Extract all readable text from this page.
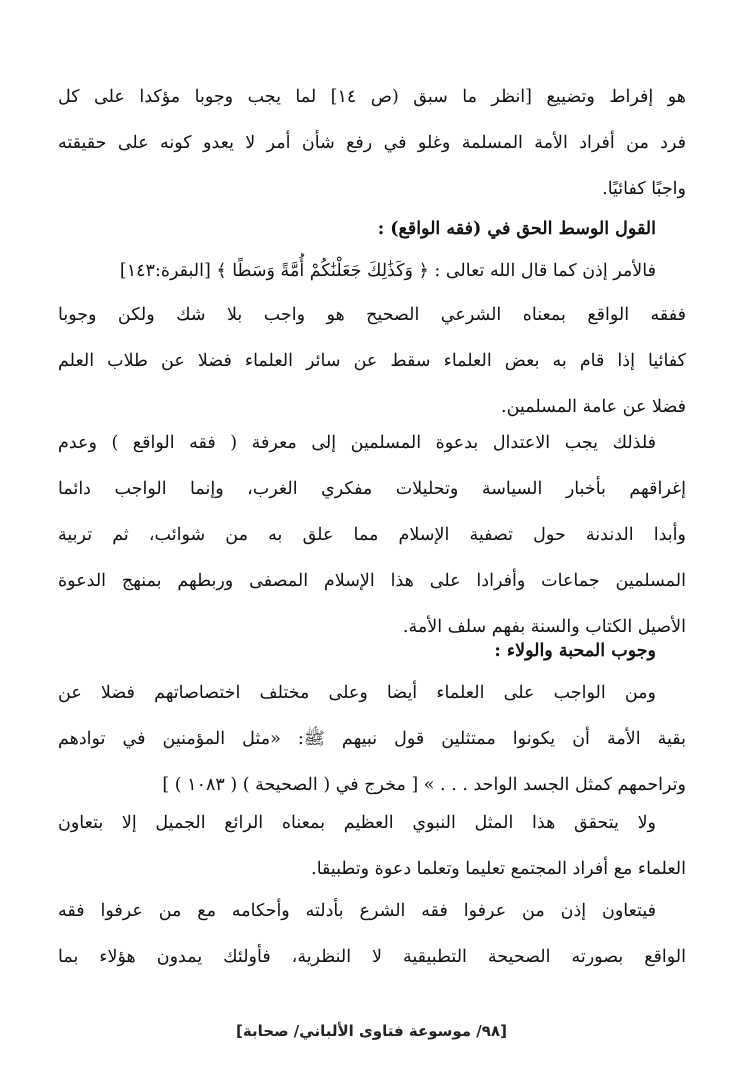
هو إفراط وتضييع [انظر ما سبق (ص ١٤] لما يجب وجوبا مؤكدا على كل
فرد من أفراد الأمة المسلمة وغلو في رفع شأن أمر لا يعدو كونه على حقيقته
واجبًا كفائيًا.
القول الوسط الحق في (فقه الواقع) :
فالأمر إذن كما قال الله تعالى : ﴿ وَكَذَٰلِكَ جَعَلْنَٰكُمْ أُمَّةً وَسَطًا ﴾ [البقرة:١٤٣]
ففقه الواقع بمعناه الشرعي الصحيح هو واجب بلا شك ولكن وجوبا
كفائيا إذا قام به بعض العلماء سقط عن سائر العلماء فضلا عن طلاب العلم
فضلا عن عامة المسلمين.
فلذلك يجب الاعتدال بدعوة المسلمين إلى معرفة ( فقه الواقع ) وعدم
إغراقهم بأخبار السياسة وتحليلات مفكري الغرب، وإنما الواجب دائما
وأبدا الدندنة حول تصفية الإسلام مما علق به من شوائب، ثم تربية
المسلمين جماعات وأفرادا على هذا الإسلام المصفى وربطهم بمنهج الدعوة
الأصيل الكتاب والسنة بفهم سلف الأمة.
وجوب المحبة والولاء :
ومن الواجب على العلماء أيضا وعلى مختلف اختصاصاتهم فضلا عن
بقية الأمة أن يكونوا ممتثلين قول نبيهم ﷺ: «مثل المؤمنين في توادهم
وتراحمهم كمثل الجسد الواحد . . . » [ مخرج في ( الصحيحة ) ( ١٠٨٣ ) ]
ولا يتحقق هذا المثل النبوي العظيم بمعناه الرائع الجميل إلا بتعاون
العلماء مع أفراد المجتمع تعليما وتعلما دعوة وتطبيقا.
فيتعاون إذن من عرفوا فقه الشرع بأدلته وأحكامه مع من عرفوا فقه
الواقع بصورته الصحيحة التطبيقية لا النظرية، فأولئك يمدون هؤلاء بما
[٩٨/ موسوعة فتاوى الألباني/ صحابة]
